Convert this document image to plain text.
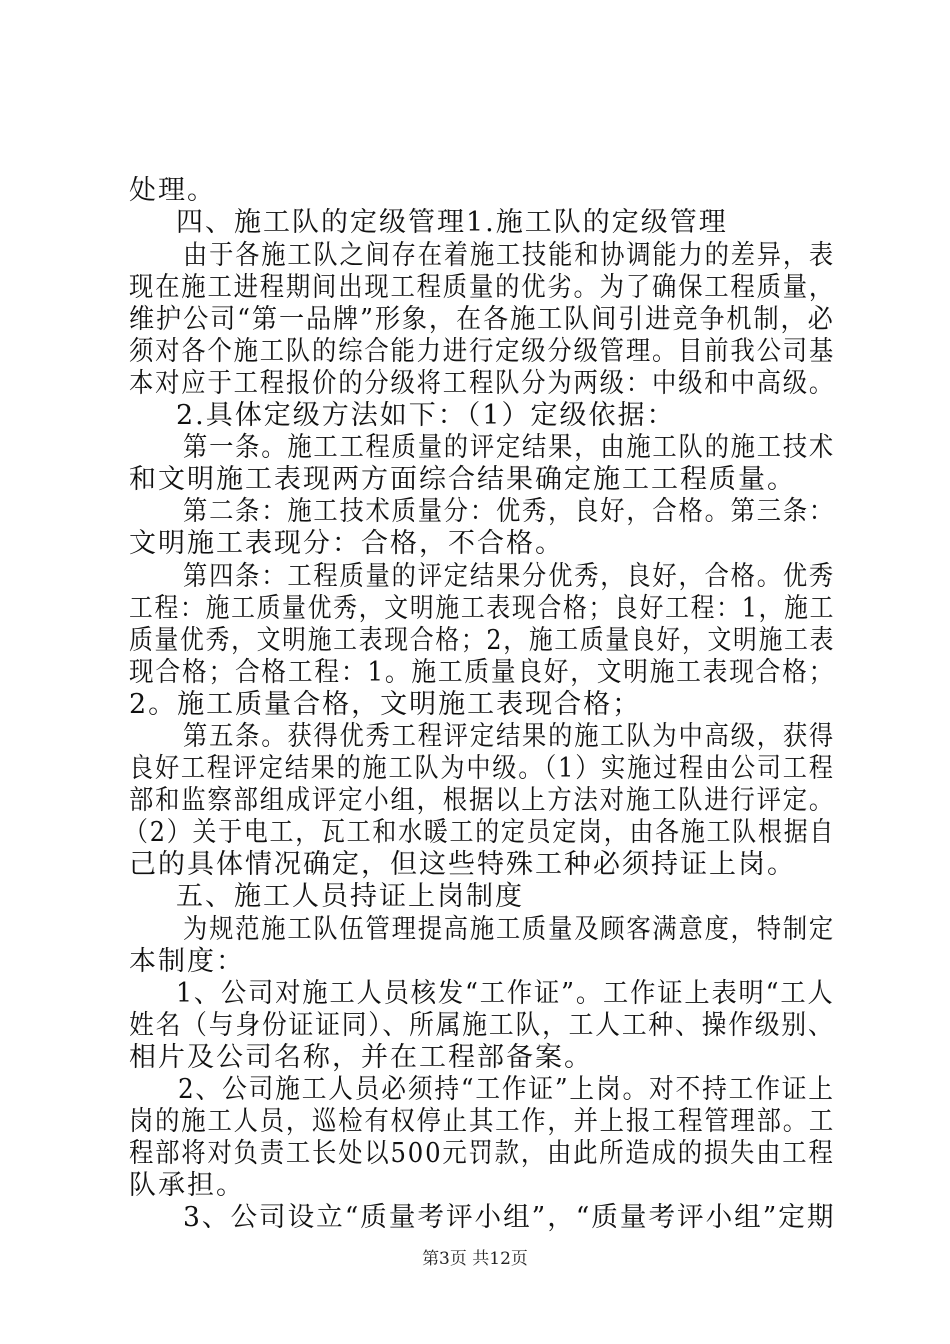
处理。
四、施工队的定级管理1.施工队的定级管理
由于各施工队之间存在着施工技能和协调能力的差异，表
现在施工进程期间出现工程质量的优劣。为了确保工程质量，
维护公司“第一品牌”形象，在各施工队间引进竞争机制，必
须对各个施工队的综合能力进行定级分级管理。目前我公司基
本对应于工程报价的分级将工程队分为两级：中级和中高级。
2.具体定级方法如下：（1）定级依据：
第一条。施工工程质量的评定结果，由施工队的施工技术
和文明施工表现两方面综合结果确定施工工程质量。
第二条：施工技术质量分：优秀，良好，合格。第三条：
文明施工表现分：合格，不合格。
第四条：工程质量的评定结果分优秀，良好，合格。优秀
工程：施工质量优秀，文明施工表现合格；良好工程：1，施工
质量优秀，文明施工表现合格；2，施工质量良好，文明施工表
现合格；合格工程：1。施工质量良好，文明施工表现合格；
2。施工质量合格，文明施工表现合格；
第五条。获得优秀工程评定结果的施工队为中高级，获得
良好工程评定结果的施工队为中级。（1）实施过程由公司工程
部和监察部组成评定小组，根据以上方法对施工队进行评定。
（2）关于电工，瓦工和水暖工的定员定岗，由各施工队根据自
己的具体情况确定，但这些特殊工种必须持证上岗。
五、施工人员持证上岗制度
为规范施工队伍管理提高施工质量及顾客满意度，特制定
本制度：
1、公司对施工人员核发“工作证”。工作证上表明“工人
姓名（与身份证证同）、所属施工队，工人工种、操作级别、
相片及公司名称，并在工程部备案。
2、公司施工人员必须持“工作证”上岗。对不持工作证上
岗的施工人员，巡检有权停止其工作，并上报工程管理部。工
程部将对负责工长处以500元罚款，由此所造成的损失由工程
队承担。
3、公司设立“质量考评小组”，“质量考评小组”定期
第3页 共12页
